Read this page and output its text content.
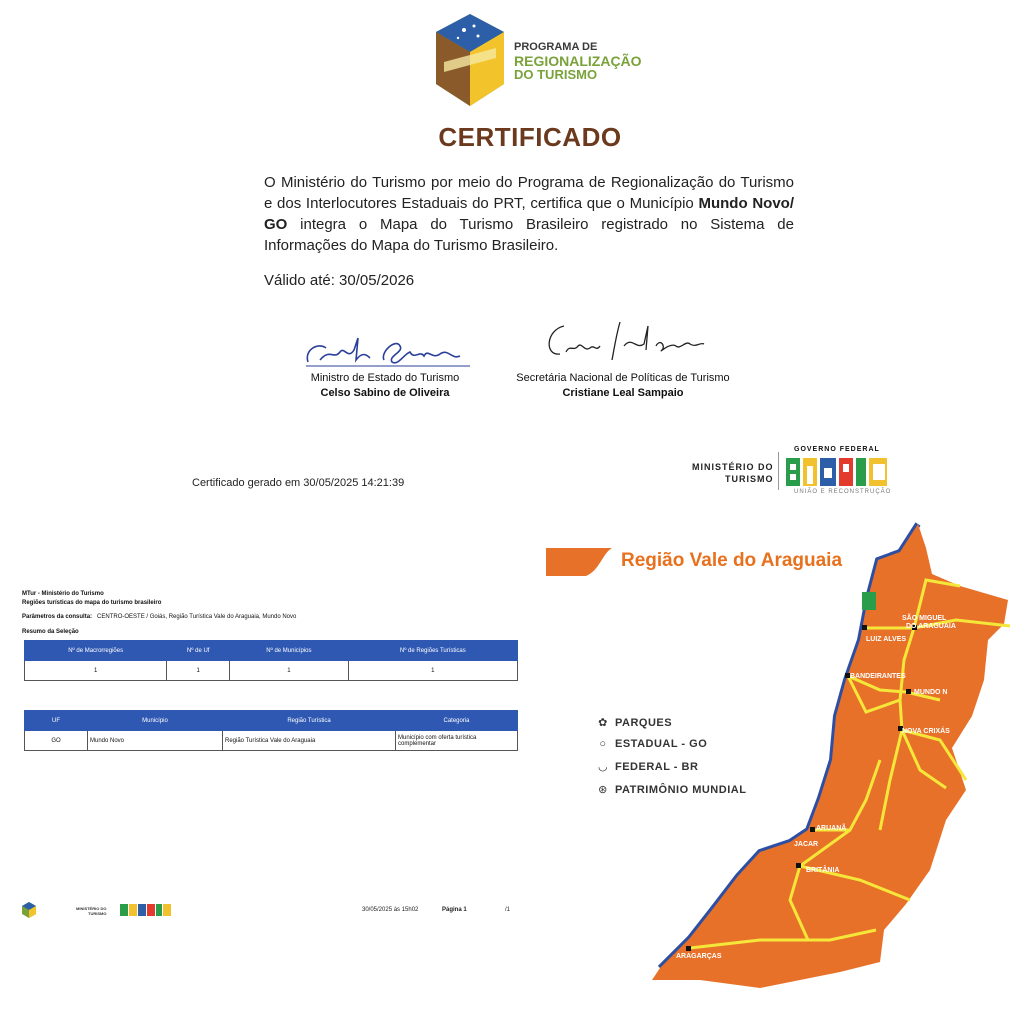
PROGRAMA DE
REGIONALIZAÇÃO
DO TURISMO
CERTIFICADO
O Ministério do Turismo por meio do Programa de Regionalização do Turismo e dos Interlocutores Estaduais do PRT, certifica que o Município Mundo Novo/ GO integra o Mapa do Turismo Brasileiro registrado no Sistema de Informações do Mapa do Turismo Brasileiro.
Válido até: 30/05/2026
Ministro de Estado do Turismo
Celso Sabino de Oliveira
Secretária Nacional de Políticas de Turismo
Cristiane Leal Sampaio
Certificado gerado em 30/05/2025 14:21:39
MINISTÉRIO DO
TURISMO
GOVERNO FEDERAL
UNIÃO E RECONSTRUÇÃO
MTur - Ministério do Turismo
Regiões turísticas do mapa do turismo brasileiro
Parâmetros da consulta: CENTRO-OESTE / Goiás, Região Turística Vale do Araguaia, Mundo Novo
Resumo da Seleção
Nº de Macrorregiões	Nº de Uf	Nº de Municípios	Nº de Regiões Turísticas
1	1	1	1
UF	Município	Região Turística	Categoria
GO	Mundo Novo	Região Turística Vale do Araguaia	Município com oferta turística complementar
MINISTÉRIO DO
TURISMO
30/05/2025 às 15h02	Página 1	/1
Região Vale do Araguaia
✿ PARQUES
○ ESTADUAL - GO
◡ FEDERAL - BR
⊛ PATRIMÔNIO MUNDIAL
SÃO MIGUEL
DO ARAGUAIA
LUIZ ALVES
BANDEIRANTES
MUNDO N
NOVA CRIXÁS
ARUANÃ
JACAR
BRITÂNIA
ARAGARÇAS
